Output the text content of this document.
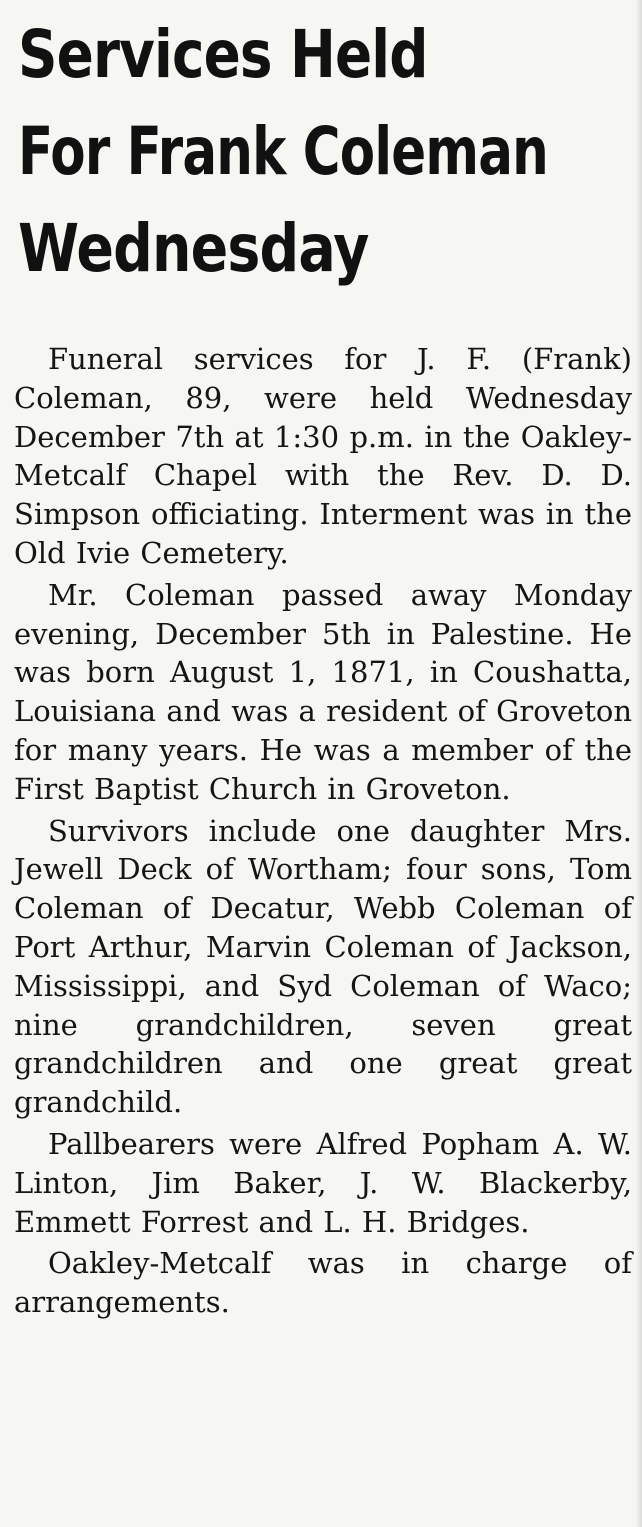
Services Held
For Frank Coleman
Wednesday

Funeral services for J. F. (Frank) Coleman, 89, were held Wednesday December 7th at 1:30 p.m. in the Oakley-Metcalf Chapel with the Rev. D. D. Simpson officiating. Interment was in the Old Ivie Cemetery.

Mr. Coleman passed away Monday evening, December 5th in Palestine. He was born August 1, 1871, in Coushatta, Louisiana and was a resident of Groveton for many years. He was a member of the First Baptist Church in Groveton.

Survivors include one daughter Mrs. Jewell Deck of Wortham; four sons, Tom Coleman of Decatur, Webb Coleman of Port Arthur, Marvin Coleman of Jackson, Mississippi, and Syd Coleman of Waco; nine grandchildren, seven great grandchildren and one great great grandchild.

Pallbearers were Alfred Popham A. W. Linton, Jim Baker, J. W. Blackerby, Emmett Forrest and L. H. Bridges.

Oakley-Metcalf was in charge of arrangements.
